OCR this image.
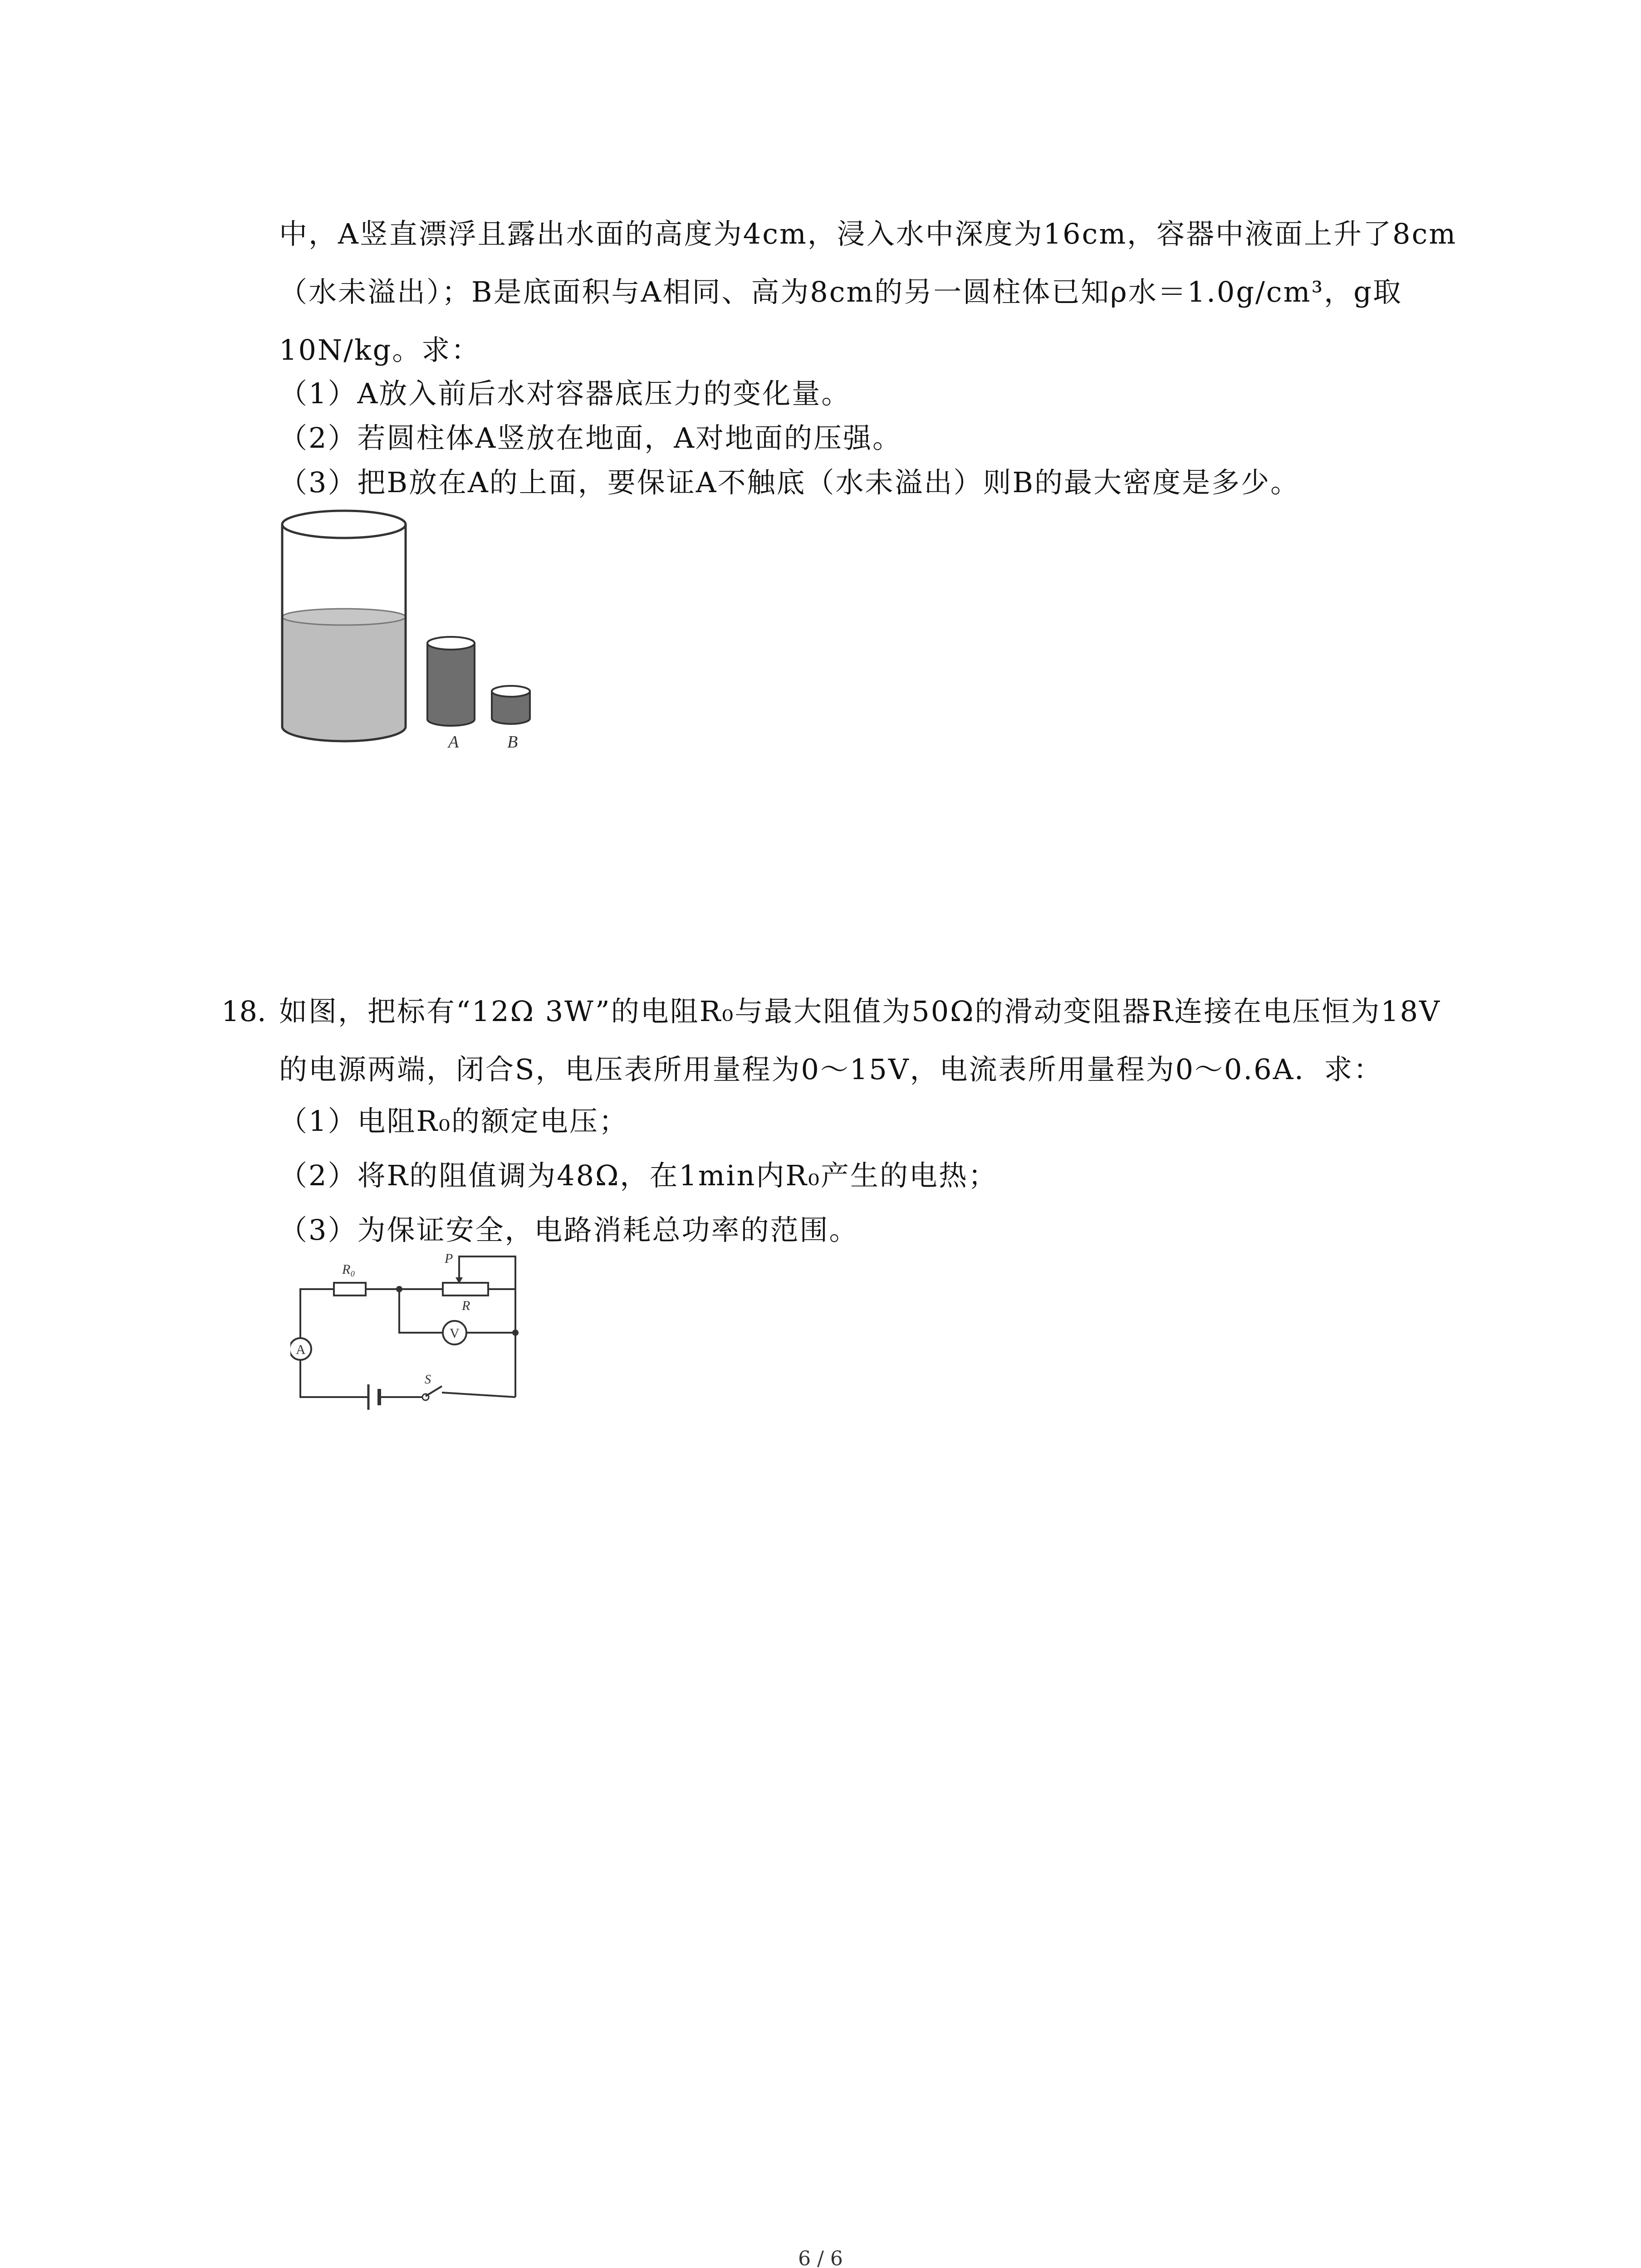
中，A竖直漂浮且露出水面的高度为4cm，浸入水中深度为16cm，容器中液面上升了8cm
（水未溢出）；B是底面积与A相同、高为8cm的另一圆柱体已知ρ水＝1.0g/cm³，g取
10N/kg。求：
（1）A放入前后水对容器底压力的变化量。
（2）若圆柱体A竖放在地面，A对地面的压强。
（3）把B放在A的上面，要保证A不触底（水未溢出）则B的最大密度是多少。
A	B
18. 如图，把标有“12Ω 3W”的电阻R₀与最大阻值为50Ω的滑动变阻器R连接在电压恒为18V
的电源两端，闭合S，电压表所用量程为0～15V，电流表所用量程为0～0.6A．求：
（1）电阻R₀的额定电压；
（2）将R的阻值调为48Ω，在1min内R₀产生的电热；
（3）为保证安全，电路消耗总功率的范围。
R₀
P
R
A
V
S
6 / 6
